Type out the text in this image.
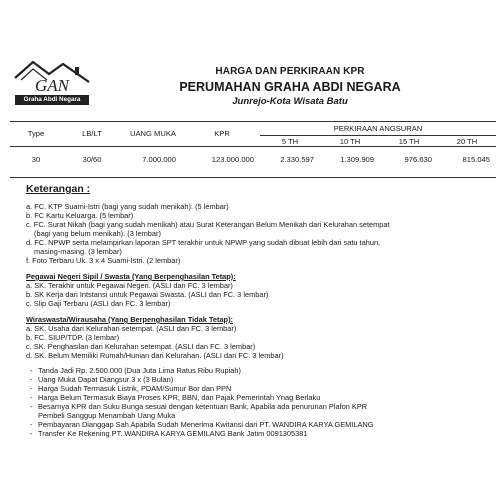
GAN
Graha Abdi Negara
HARGA DAN PERKIRAAN KPR
PERUMAHAN GRAHA ABDI NEGARA
Junrejo-Kota Wisata Batu
Type	LB/LT	UANG MUKA	KPR
PERKIRAAN ANGSURAN
5 TH	10 TH	15 TH	20 TH
30	30/60	7.000.000	123.000.000	2.330.597	1.309.909	976.630	815.045
Keterangan :
a. FC. KTP Suami-Istri (bagi yang sudah menikah). (5 lembar)
b. FC Kartu Keluarga. (5 lembar)
c. FC. Surat Nikah (bagi yang sudah menikah) atau Surat Keterangan Belum Menikah dari Kelurahan setempat
(bagi yang belum menikah). (3 lembar)
d. FC. NPWP serta melampirkan laporan SPT terakhir untuk NPWP yang sudah dibuat lebih dari satu tahun,
masing-masing. (3 lembar)
f. Foto Terbaru Uk. 3 x 4 Suami-Istri. (2 lembar)
Pegawai Negeri Sipil / Swasta (Yang Berpenghasilan Tetap):
a. SK. Terakhir untuk Pegawai Negeri. (ASLI dan FC. 3 lembar)
b. SK Kerja dari Intstansi untuk Pegawai Swasta. (ASLI dan FC. 3 lembar)
c. Slip Gaji Terbaru (ASLI dan FC. 3 lembar)
Wiraswasta/Wirausaha (Yang Berpenghasilan Tidak Tetap):
a. SK. Usaha dari Kelurahan setempat. (ASLI dan FC. 3 lembar)
b. FC. SIUP/TDP. (3 lembar)
c. SK. Penghasilan dari Kelurahan setempat. (ASLI dan FC. 3 lembar)
d. SK. Belum Memiliki Rumah/Hunian dari Kelurahan. (ASLI dan FC. 3 lembar)
- Tanda Jadi Rp. 2.500.000 (Dua Juta Lima Ratus Ribu Rupiah)
- Uang Muka Dapat Diangsur 3 x (3 Bulan)
- Harga Sudah Termasuk Listrik, PDAM/Sumur Bor dan PPN
- Harga Belum Termasuk Biaya Proses KPR, BBN, dan Pajak Pemerintah Ynag Berlaku
- Besarnya KPR dan Suku Bunga sesuai dengan ketentuan Bank, Apabila ada penurunan Plafon KPR
Pembeli Sanggup Menambah Uang Muka
- Pembayaran Dianggap Sah Apabila Sudah Menerima Kwitansi dari PT. WANDIRA KARYA GEMILANG
- Transfer Ke Rekening PT. WANDIRA KARYA GEMILANG Bank Jatim 0091305381
